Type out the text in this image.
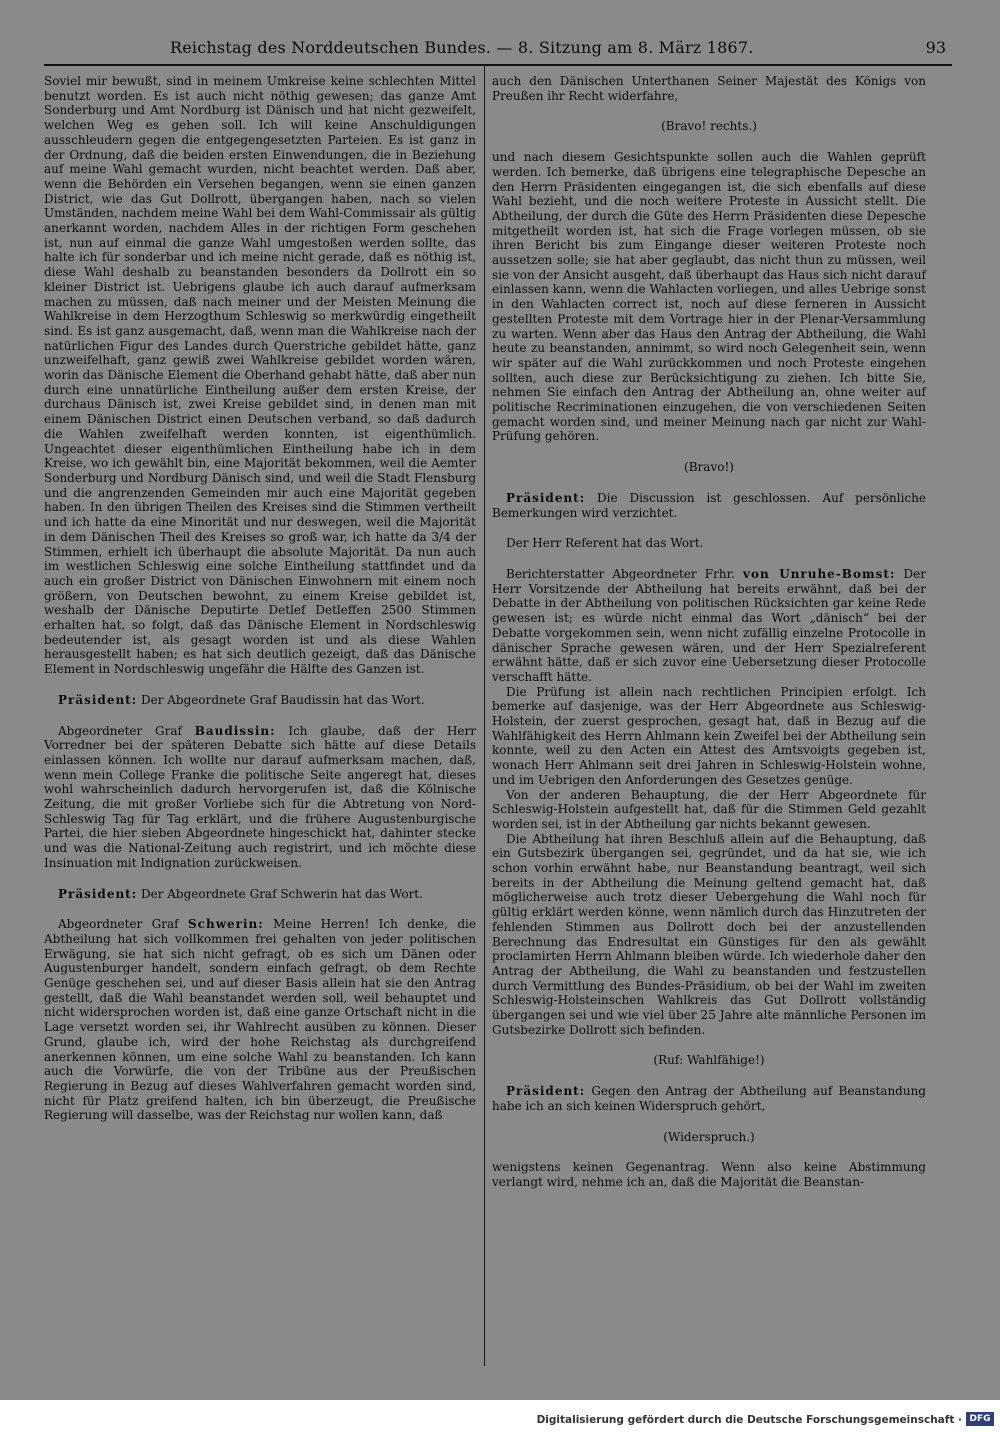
Reichstag des Norddeutschen Bundes. — 8. Sitzung am 8. März 1867.	93

Soviel mir bewußt, sind in meinem Umkreise keine schlechten Mittel benutzt worden. Es ist auch nicht nöthig gewesen; das ganze Amt Sonderburg und Amt Nordburg ist Dänisch und hat nicht gezweifelt, welchen Weg es gehen soll. Ich will keine Anschuldigungen ausschleudern gegen die entgegengesetzten Parteien. Es ist ganz in der Ordnung, daß die beiden ersten Einwendungen, die in Beziehung auf meine Wahl gemacht wurden, nicht beachtet werden. Daß aber, wenn die Behörden ein Versehen begangen, wenn sie einen ganzen District, wie das Gut Dollrott, übergangen haben, nach so vielen Umständen, nachdem meine Wahl bei dem Wahl-Commissair als gültig anerkannt worden, nachdem Alles in der richtigen Form geschehen ist, nun auf einmal die ganze Wahl umgestoßen werden sollte, das halte ich für sonderbar und ich meine nicht gerade, daß es nöthig ist, diese Wahl deshalb zu beanstanden besonders da Dollrott ein so kleiner District ist. Uebrigens glaube ich auch darauf aufmerksam machen zu müssen, daß nach meiner und der Meisten Meinung die Wahlkreise in dem Herzogthum Schleswig so merkwürdig eingetheilt sind. Es ist ganz ausgemacht, daß, wenn man die Wahlkreise nach der natürlichen Figur des Landes durch Querstriche gebildet hätte, ganz unzweifelhaft, ganz gewiß zwei Wahlkreise gebildet worden wären, worin das Dänische Element die Oberhand gehabt hätte, daß aber nun durch eine unnatürliche Eintheilung außer dem ersten Kreise, der durchaus Dänisch ist, zwei Kreise gebildet sind, in denen man mit einem Dänischen District einen Deutschen verband, so daß dadurch die Wahlen zweifelhaft werden konnten, ist eigenthümlich. Ungeachtet dieser eigenthümlichen Eintheilung habe ich in dem Kreise, wo ich gewählt bin, eine Majorität bekommen, weil die Aemter Sonderburg und Nordburg Dänisch sind, und weil die Stadt Flensburg und die angrenzenden Gemeinden mir auch eine Majorität gegeben haben. In den übrigen Theilen des Kreises sind die Stimmen vertheilt und ich hatte da eine Minorität und nur deswegen, weil die Majorität in dem Dänischen Theil des Kreises so groß war, ich hatte da 3/4 der Stimmen, erhielt ich überhaupt die absolute Majorität. Da nun auch im westlichen Schleswig eine solche Eintheilung stattfindet und da auch ein großer District von Dänischen Einwohnern mit einem noch größern, von Deutschen bewohnt, zu einem Kreise gebildet ist, weshalb der Dänische Deputirte Detlef Detleffen 2500 Stimmen erhalten hat, so folgt, daß das Dänische Element in Nordschleswig bedeutender ist, als gesagt worden ist und als diese Wahlen herausgestellt haben; es hat sich deutlich gezeigt, daß das Dänische Element in Nordschleswig ungefähr die Hälfte des Ganzen ist.

Präsident: Der Abgeordnete Graf Baudissin hat das Wort.

Abgeordneter Graf Baudissin: Ich glaube, daß der Herr Vorredner bei der späteren Debatte sich hätte auf diese Details einlassen können. Ich wollte nur darauf aufmerksam machen, daß, wenn mein College Franke die politische Seite angeregt hat, dieses wohl wahrscheinlich dadurch hervorgerufen ist, daß die Kölnische Zeitung, die mit großer Vorliebe sich für die Abtretung von Nord-Schleswig Tag für Tag erklärt, und die frühere Augustenburgische Partei, die hier sieben Abgeordnete hingeschickt hat, dahinter stecke und was die National-Zeitung auch registrirt, und ich möchte diese Insinuation mit Indignation zurückweisen.

Präsident: Der Abgeordnete Graf Schwerin hat das Wort.

Abgeordneter Graf Schwerin: Meine Herren! Ich denke, die Abtheilung hat sich vollkommen frei gehalten von jeder politischen Erwägung, sie hat sich nicht gefragt, ob es sich um Dänen oder Augustenburger handelt, sondern einfach gefragt, ob dem Rechte Genüge geschehen sei, und auf dieser Basis allein hat sie den Antrag gestellt, daß die Wahl beanstandet werden soll, weil behauptet und nicht widersprochen worden ist, daß eine ganze Ortschaft nicht in die Lage versetzt worden sei, ihr Wahlrecht ausüben zu können. Dieser Grund, glaube ich, wird der hohe Reichstag als durchgreifend anerkennen können, um eine solche Wahl zu beanstanden. Ich kann auch die Vorwürfe, die von der Tribüne aus der Preußischen Regierung in Bezug auf dieses Wahlverfahren gemacht worden sind, nicht für Platz greifend halten, ich bin überzeugt, die Preußische Regierung will dasselbe, was der Reichstag nur wollen kann, daß

auch den Dänischen Unterthanen Seiner Majestät des Königs von Preußen ihr Recht widerfahre,

(Bravo! rechts.)

und nach diesem Gesichtspunkte sollen auch die Wahlen geprüft werden. Ich bemerke, daß übrigens eine telegraphische Depesche an den Herrn Präsidenten eingegangen ist, die sich ebenfalls auf diese Wahl bezieht, und die noch weitere Proteste in Aussicht stellt. Die Abtheilung, der durch die Güte des Herrn Präsidenten diese Depesche mitgetheilt worden ist, hat sich die Frage vorlegen müssen, ob sie ihren Bericht bis zum Eingange dieser weiteren Proteste noch aussetzen solle; sie hat aber geglaubt, das nicht thun zu müssen, weil sie von der Ansicht ausgeht, daß überhaupt das Haus sich nicht darauf einlassen kann, wenn die Wahlacten vorliegen, und alles Uebrige sonst in den Wahlacten correct ist, noch auf diese ferneren in Aussicht gestellten Proteste mit dem Vortrage hier in der Plenar-Versammlung zu warten. Wenn aber das Haus den Antrag der Abtheilung, die Wahl heute zu beanstanden, annimmt, so wird noch Gelegenheit sein, wenn wir später auf die Wahl zurückkommen und noch Proteste eingehen sollten, auch diese zur Berücksichtigung zu ziehen. Ich bitte Sie, nehmen Sie einfach den Antrag der Abtheilung an, ohne weiter auf politische Recriminationen einzugehen, die von verschiedenen Seiten gemacht worden sind, und meiner Meinung nach gar nicht zur Wahl-Prüfung gehören.

(Bravo!)

Präsident: Die Discussion ist geschlossen. Auf persönliche Bemerkungen wird verzichtet.

Der Herr Referent hat das Wort.

Berichterstatter Abgeordneter Frhr. von Unruhe-Bomst: Der Herr Vorsitzende der Abtheilung hat bereits erwähnt, daß bei der Debatte in der Abtheilung von politischen Rücksichten gar keine Rede gewesen ist; es würde nicht einmal das Wort „dänisch“ bei der Debatte vorgekommen sein, wenn nicht zufällig einzelne Protocolle in dänischer Sprache gewesen wären, und der Herr Spezialreferent erwähnt hätte, daß er sich zuvor eine Uebersetzung dieser Protocolle verschafft hätte.

Die Prüfung ist allein nach rechtlichen Principien erfolgt. Ich bemerke auf dasjenige, was der Herr Abgeordnete aus Schleswig-Holstein, der zuerst gesprochen, gesagt hat, daß in Bezug auf die Wahlfähigkeit des Herrn Ahlmann kein Zweifel bei der Abtheilung sein konnte, weil zu den Acten ein Attest des Amtsvoigts gegeben ist, wonach Herr Ahlmann seit drei Jahren in Schleswig-Holstein wohne, und im Uebrigen den Anforderungen des Gesetzes genüge.

Von der anderen Behauptung, die der Herr Abgeordnete für Schleswig-Holstein aufgestellt hat, daß für die Stimmen Geld gezahlt worden sei, ist in der Abtheilung gar nichts bekannt gewesen.

Die Abtheilung hat ihren Beschluß allein auf die Behauptung, daß ein Gutsbezirk übergangen sei, gegründet, und da hat sie, wie ich schon vorhin erwähnt habe, nur Beanstandung beantragt, weil sich bereits in der Abtheilung die Meinung geltend gemacht hat, daß möglicherweise auch trotz dieser Uebergehung die Wahl noch für gültig erklärt werden könne, wenn nämlich durch das Hinzutreten der fehlenden Stimmen aus Dollrott doch bei der anzustellenden Berechnung das Endresultat ein Günstiges für den als gewählt proclamirten Herrn Ahlmann bleiben würde. Ich wiederhole daher den Antrag der Abtheilung, die Wahl zu beanstanden und festzustellen durch Vermittlung des Bundes-Präsidium, ob bei der Wahl im zweiten Schleswig-Holsteinschen Wahlkreis das Gut Dollrott vollständig übergangen sei und wie viel über 25 Jahre alte männliche Personen im Gutsbezirke Dollrott sich befinden.

(Ruf: Wahlfähige!)

Präsident: Gegen den Antrag der Abtheilung auf Beanstandung habe ich an sich keinen Widerspruch gehört,

(Widerspruch.)

wenigstens keinen Gegenantrag. Wenn also keine Abstimmung verlangt wird, nehme ich an, daß die Majorität die Beanstan-

Digitalisierung gefördert durch die Deutsche Forschungsgemeinschaft · DFG
